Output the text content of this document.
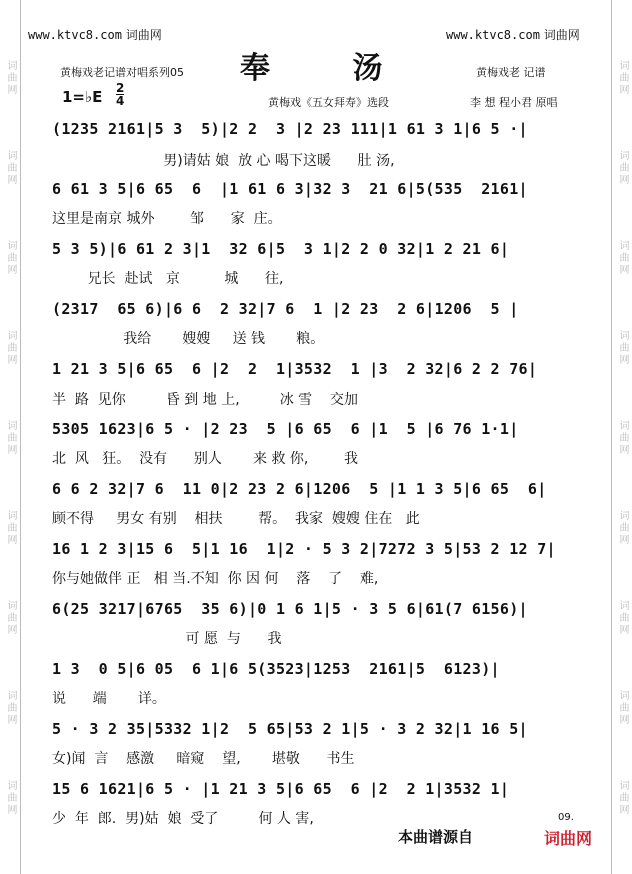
词曲网
词曲网
词曲网
词曲网
词曲网
词曲网
词曲网
词曲网
词曲网
词曲网
词曲网
词曲网
词曲网
词曲网
词曲网
词曲网
词曲网
词曲网
www.ktvc8.com 词曲网	www.ktvc8.com 词曲网
黄梅戏老记谱对唱系列05 奉 汤	黄梅戏老 记谱
1=♭E 2
4	黄梅戏《五女拜寿》选段	李 想 程小君 原唱
(1235 2161|5 3  5)|2 2  3 |2 23 111|1 61 3 1|6 5 ·|
男)请姑 娘  放 心 喝下这暖      肚 汤,
6 61 3 5|6 65  6  |1 61 6 3|32 3  21 6|5(535  2161|
这里是南京 城外        邹      家  庄。
5 3 5)|6 61 2 3|1  32 6|5  3 1|2 2 0 32|1 2 21 6|
兄长  赴试   京          城      往,
(2317  65 6)|6 6  2 32|7 6  1 |2 23  2 6|1206  5 |
我给       嫂嫂     送 钱       粮。
1 21 3 5|6 65  6 |2  2  1|3532  1 |3  2 32|6 2 2 76|
半  路  见你         昏 到 地 上,         冰 雪    交加
5305 1623|6 5 · |2 23  5 |6 65  6 |1  5 |6 76 1·1|
北  风   狂。  没有      别人       来 救 你,        我
6 6 2 32|7 6  11 0|2 23 2 6|1206  5 |1 1 3 5|6 65  6|
顾不得     男女 有别    相扶        帮。  我家  嫂嫂 住在   此
16 1 2 3|15 6  5|1 16  1|2 · 5 3 2|7272 3 5|53 2 12 7|
你与她做伴 正   相 当.不知  你 因 何    落    了    难,
6(25 3217|6765  35 6)|0 1 6 1|5 · 3 5 6|61(7 6156)|
可 愿  与      我
1 3  0 5|6 05  6 1|6 5(3523|1253  2161|5  6123)|
说      端       详。
5 · 3 2 35|5332 1|2  5 65|53 2 1|5 · 3 2 32|1 16 5|
女)闻  言    感激     暗窥    望,       堪敬      书生
15 6 1621|6 5 · |1 21 3 5|6 65  6 |2  2 1|3532 1|
少  年  郎.  男)姑  娘  受了         何 人 害,	09.
本曲谱源自	词曲网
